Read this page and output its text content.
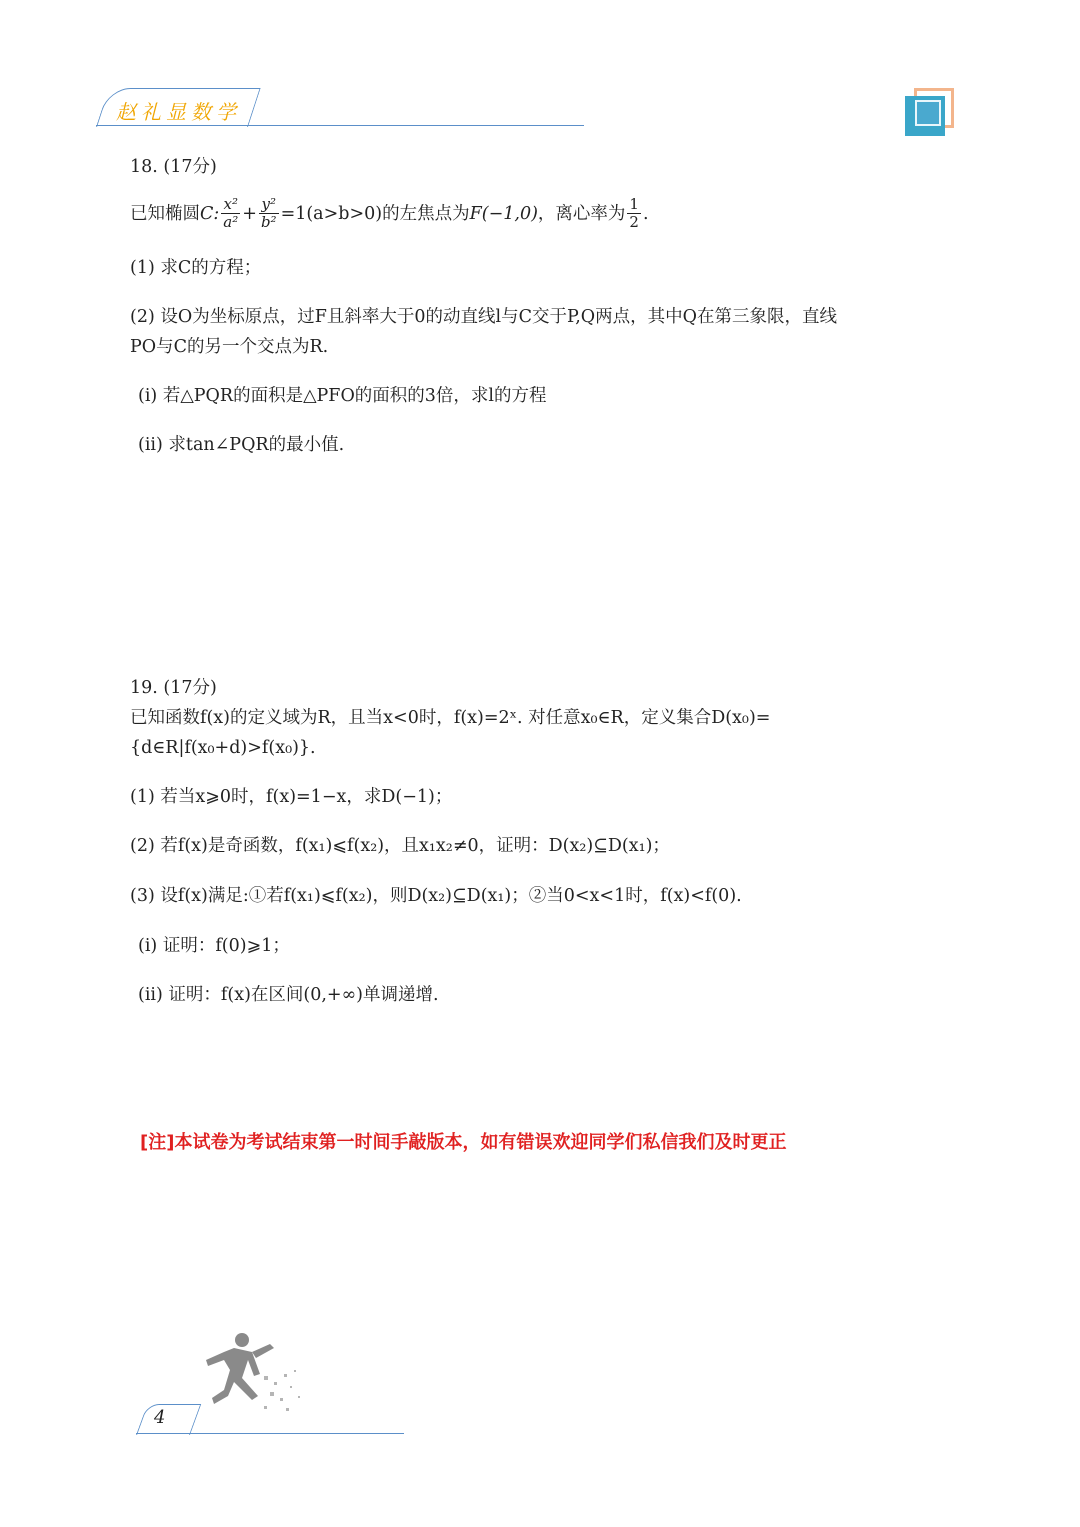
赵礼显数学
18. (17分)
已知椭圆 C: $\frac{\text{x²}}{\text{a²}} + \frac{\text{y²}}{\text{b²}} =1(a>b>0)$ 的左焦点为 F(−1,0) ，离心率为 $\frac{1}{2}$ .
(1) 求C的方程；
(2) 设O为坐标原点，过F且斜率大于0的动直线l与C交于P,Q两点，其中Q在第三象限，直线
PO与C的另一个交点为R.
(i) 若△PQR的面积是△PFO的面积的3倍，求l的方程
(ii) 求tan∠PQR的最小值.
19. (17分)
已知函数f(x)的定义域为R，且当x<0时，f(x)=2ˣ. 对任意x₀∈R，定义集合D(x₀)=
{d∈R|f(x₀+d)>f(x₀)}.
(1) 若当x⩾0时，f(x)=1−x，求D(−1)；
(2) 若f(x)是奇函数，f(x₁)⩽f(x₂)，且x₁x₂≠0，证明：D(x₂)⊆D(x₁)；
(3) 设f(x)满足:①若f(x₁)⩽f(x₂)，则D(x₂)⊆D(x₁)；②当0<x<1时，f(x)<f(0).
(i) 证明：f(0)⩾1；
(ii) 证明：f(x)在区间(0,+∞)单调递增.
[注]本试卷为考试结束第一时间手敲版本，如有错误欢迎同学们私信我们及时更正
4
